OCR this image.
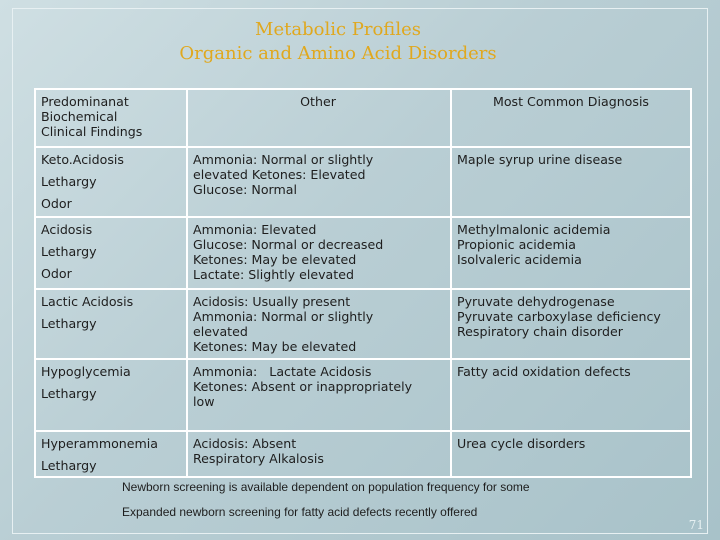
Metabolic Profiles
Organic and Amino Acid Disorders
Predominanat
Biochemical
Clinical Findings
Other	Most Common Diagnosis
Keto.Acidosis
Lethargy
Odor
Ammonia: Normal or slightly
elevated Ketones: Elevated
Glucose: Normal
Maple syrup urine disease
Acidosis
Lethargy
Odor
Ammonia: Elevated
Glucose: Normal or decreased
Ketones: May be elevated
Lactate: Slightly elevated
Methylmalonic acidemia
Propionic acidemia
Isolvaleric acidemia
Lactic Acidosis
Lethargy
Acidosis: Usually present
Ammonia: Normal or slightly
elevated
Ketones: May be elevated
Pyruvate dehydrogenase
Pyruvate carboxylase deficiency
Respiratory chain disorder
Hypoglycemia
Lethargy
Ammonia:   Lactate Acidosis
Ketones: Absent or inappropriately
low
Fatty acid oxidation defects
Hyperammonemia
Lethargy
Acidosis: Absent
Respiratory Alkalosis
Urea cycle disorders
Newborn screening is available dependent on population frequency for some
Expanded newborn screening for fatty acid defects recently offered
71
